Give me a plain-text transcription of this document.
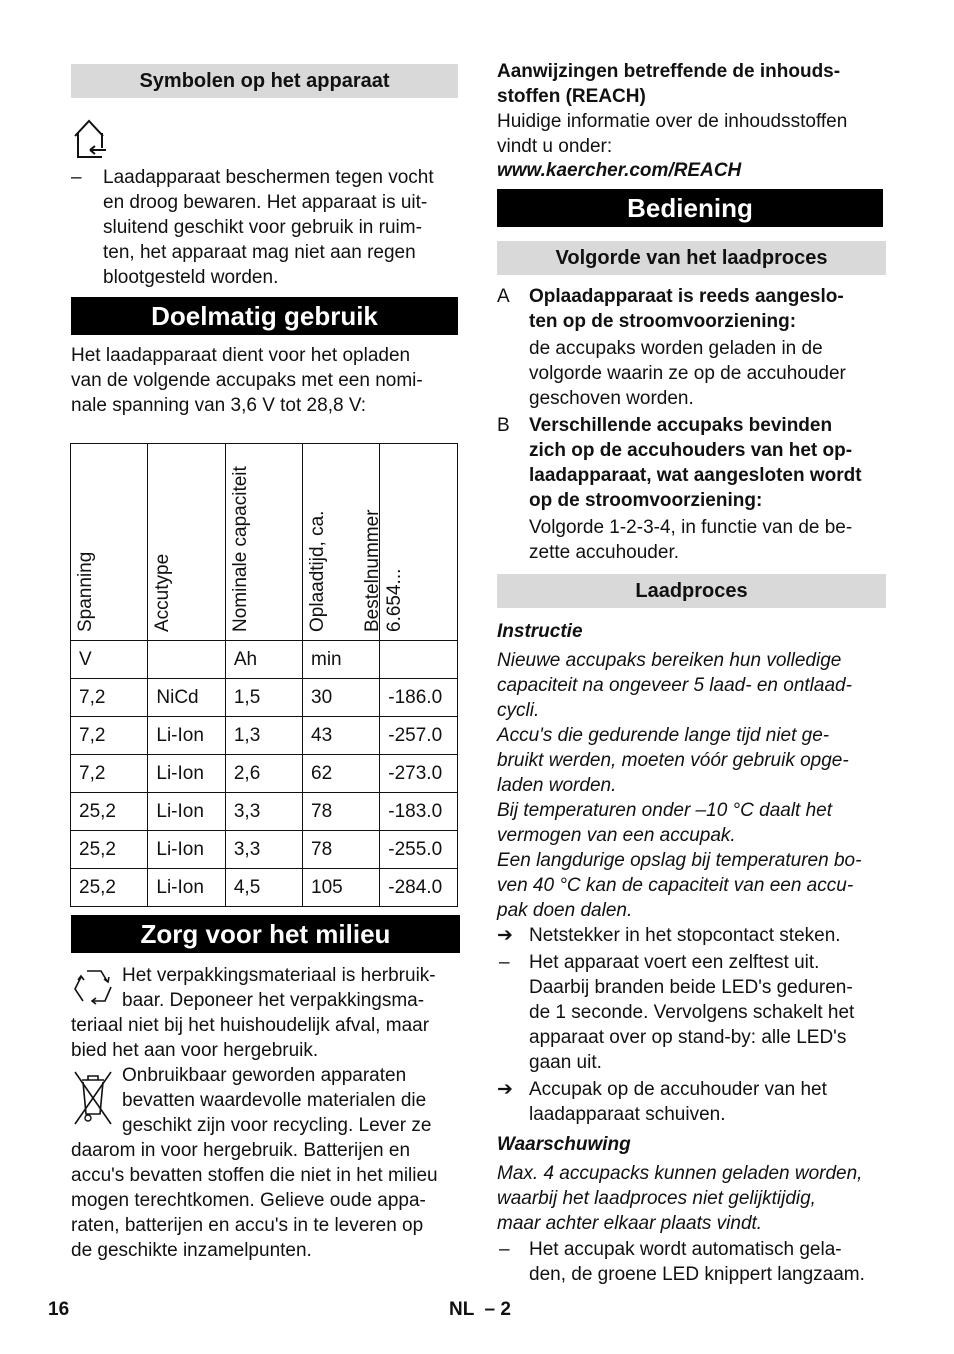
Symbolen op het apparaat
–	Laadapparaat beschermen tegen vocht
en droog bewaren. Het apparaat is uit-
sluitend geschikt voor gebruik in ruim-
ten, het apparaat mag niet aan regen
blootgesteld worden.
Doelmatig gebruik
Het laadapparaat dient voor het opladen
van de volgende accupaks met een nomi-
nale spanning van 3,6 V tot 28,8 V:
Spanning	Accutype	Nominale capaciteit	Oplaadtijd, ca.	Bestelnummer
6.654...

V		Ah	min	
7,2	NiCd	1,5	30	-186.0
7,2	Li-Ion	1,3	43	-257.0
7,2	Li-Ion	2,6	62	-273.0
25,2	Li-Ion	3,3	78	-183.0
25,2	Li-Ion	3,3	78	-255.0
25,2	Li-Ion	4,5	105	-284.0
Zorg voor het milieu
Het verpakkingsmateriaal is herbruik-
baar. Deponeer het verpakkingsma-
teriaal niet bij het huishoudelijk afval, maar
bied het aan voor hergebruik.
Onbruikbaar geworden apparaten
bevatten waardevolle materialen die
geschikt zijn voor recycling. Lever ze
daarom in voor hergebruik. Batterijen en
accu's bevatten stoffen die niet in het milieu
mogen terechtkomen. Gelieve oude appa-
raten, batterijen en accu's in te leveren op
de geschikte inzamelpunten.
Aanwijzingen betreffende de inhouds-
stoffen (REACH)
Huidige informatie over de inhoudsstoffen
vindt u onder:
www.kaercher.com/REACH
Bediening
Volgorde van het laadproces
A Oplaadapparaat is reeds aangeslo-
ten op de stroomvoorziening:
de accupaks worden geladen in de
volgorde waarin ze op de accuhouder
geschoven worden.
B Verschillende accupaks bevinden
zich op de accuhouders van het op-
laadapparaat, wat aangesloten wordt
op de stroomvoorziening:
Volgorde 1-2-3-4, in functie van de be-
zette accuhouder.
Laadproces
Instructie
Nieuwe accupaks bereiken hun volledige
capaciteit na ongeveer 5 laad- en ontlaad-
cycli.
Accu's die gedurende lange tijd niet ge-
bruikt werden, moeten vóór gebruik opge-
laden worden.
Bij temperaturen onder –10 °C daalt het
vermogen van een accupak.
Een langdurige opslag bij temperaturen bo-
ven 40 °C kan de capaciteit van een accu-
pak doen dalen.
➔ Netstekker in het stopcontact steken.
– Het apparaat voert een zelftest uit.
Daarbij branden beide LED's geduren-
de 1 seconde. Vervolgens schakelt het
apparaat over op stand-by: alle LED's
gaan uit.
➔ Accupak op de accuhouder van het
laadapparaat schuiven.
Waarschuwing
Max. 4 accupacks kunnen geladen worden,
waarbij het laadproces niet gelijktijdig,
maar achter elkaar plaats vindt.
– Het accupak wordt automatisch gela-
den, de groene LED knippert langzaam.
16	NL  – 2
